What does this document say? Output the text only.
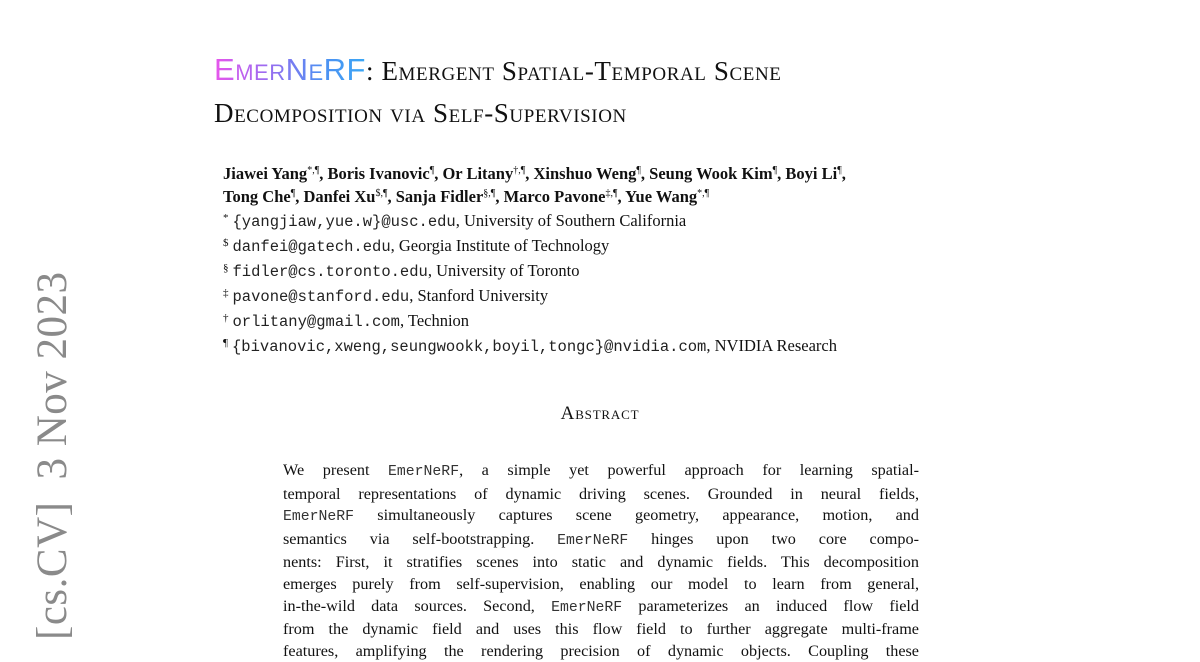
[cs.CV]3 Nov 2023
EMERNERF: Emergent Spatial-Temporal Scene
Decomposition via Self-Supervision
Jiawei Yang*,¶, Boris Ivanovic¶, Or Litany†,¶, Xinshuo Weng¶, Seung Wook Kim¶, Boyi Li¶,
Tong Che¶, Danfei Xu$,¶, Sanja Fidler§,¶, Marco Pavone‡,¶, Yue Wang*,¶
* {yangjiaw,yue.w}@usc.edu, University of Southern California
$ danfei@gatech.edu, Georgia Institute of Technology
§ fidler@cs.toronto.edu, University of Toronto
‡ pavone@stanford.edu, Stanford University
† orlitany@gmail.com, Technion
¶ {bivanovic,xweng,seungwookk,boyil,tongc}@nvidia.com, NVIDIA Research
Abstract
We present EmerNeRF, a simple yet powerful approach for learning spatial-
temporal representations of dynamic driving scenes. Grounded in neural fields,
EmerNeRF simultaneously captures scene geometry, appearance, motion, and
semantics via self-bootstrapping. EmerNeRF hinges upon two core compo-
nents: First, it stratifies scenes into static and dynamic fields. This decomposition
emerges purely from self-supervision, enabling our model to learn from general,
in-the-wild data sources. Second, EmerNeRF parameterizes an induced flow field
from the dynamic field and uses this flow field to further aggregate multi-frame
features, amplifying the rendering precision of dynamic objects. Coupling these
